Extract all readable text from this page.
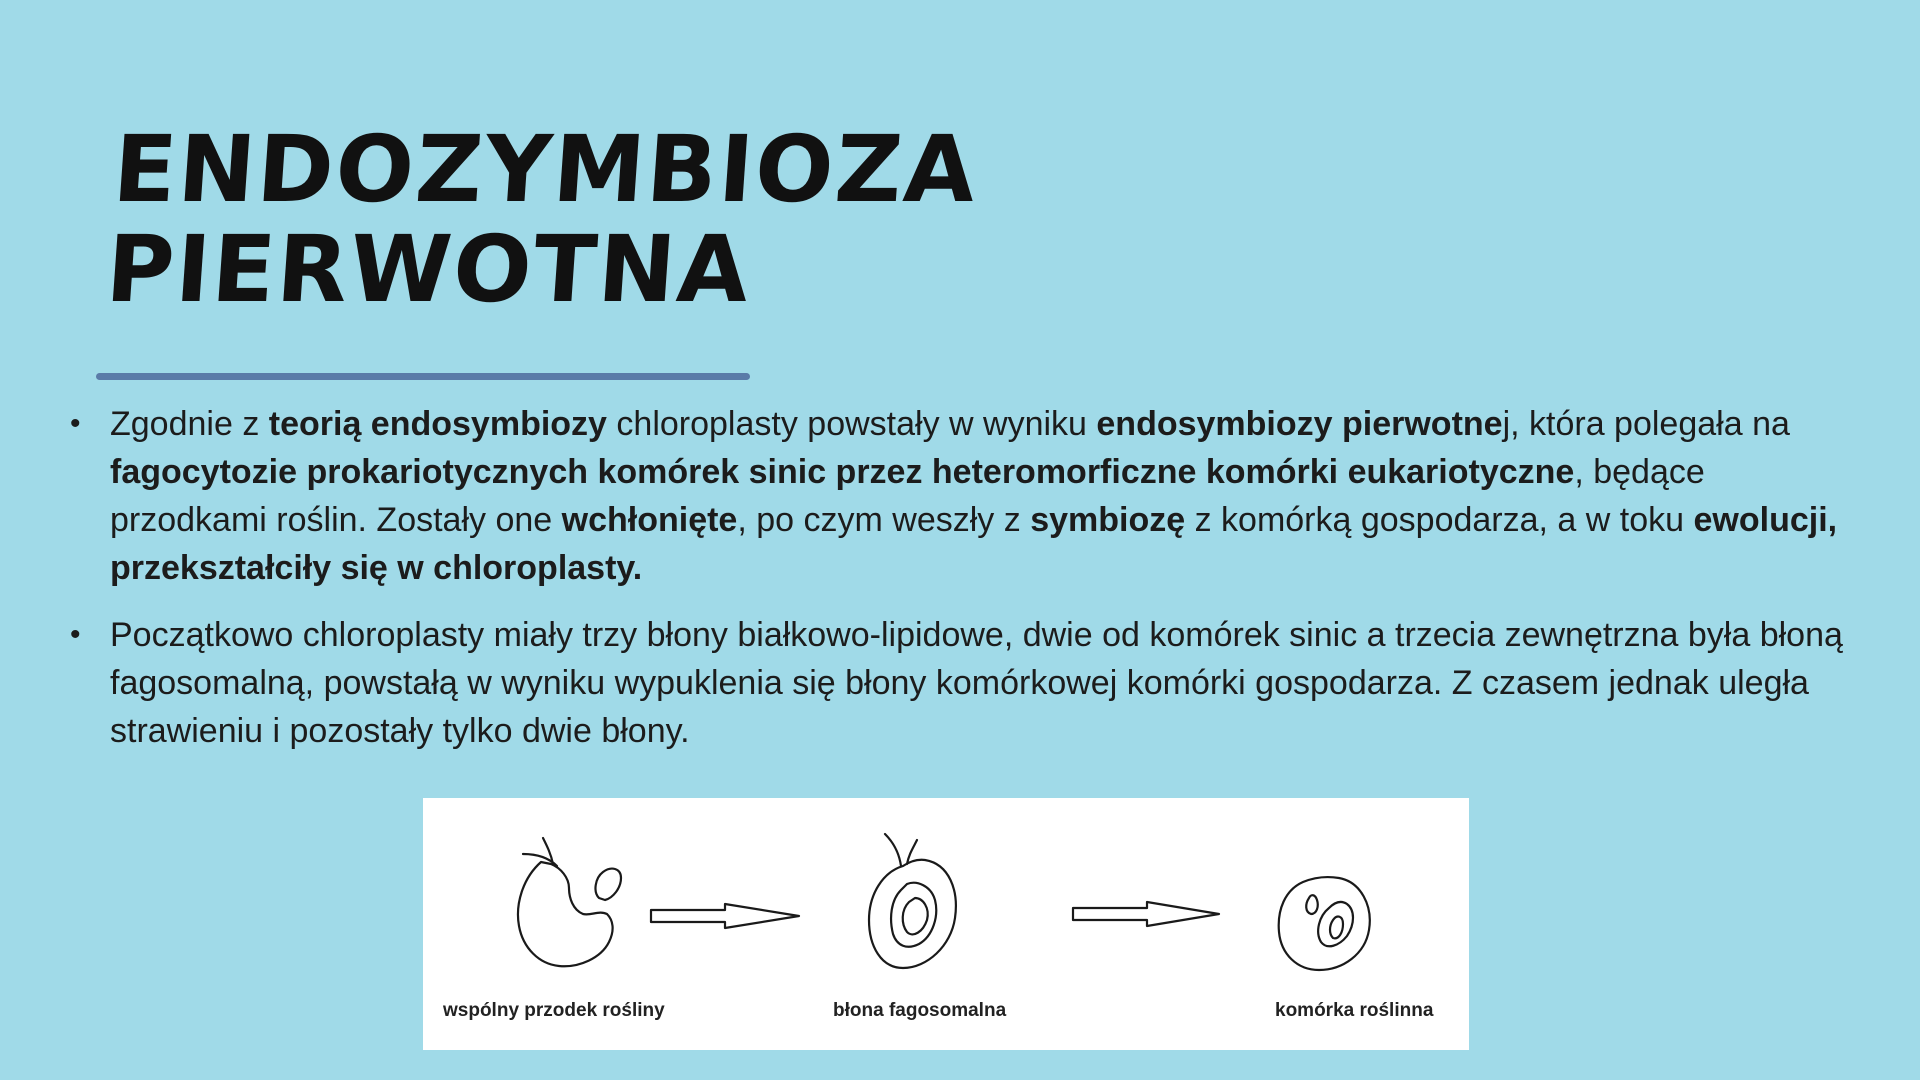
ENDOZYMBIOZA
PIERWOTNA
• Zgodnie z teorią endosymbiozy chloroplasty powstały w wyniku endosymbiozy pierwotnej, która polegała na fagocytozie prokariotycznych komórek sinic przez heteromorficzne komórki eukariotyczne, będące przodkami roślin. Zostały one wchłonięte, po czym weszły z symbiozę z komórką gospodarza, a w toku ewolucji, przekształciły się w chloroplasty.
• Początkowo chloroplasty miały trzy błony białkowo-lipidowe, dwie od komórek sinic a trzecia zewnętrzna była błoną fagosomalną, powstałą w wyniku wypuklenia się błony komórkowej komórki gospodarza. Z czasem jednak uległa strawieniu i pozostały tylko dwie błony.
wspólny przodek rośliny	błona fagosomalna	komórka roślinna
